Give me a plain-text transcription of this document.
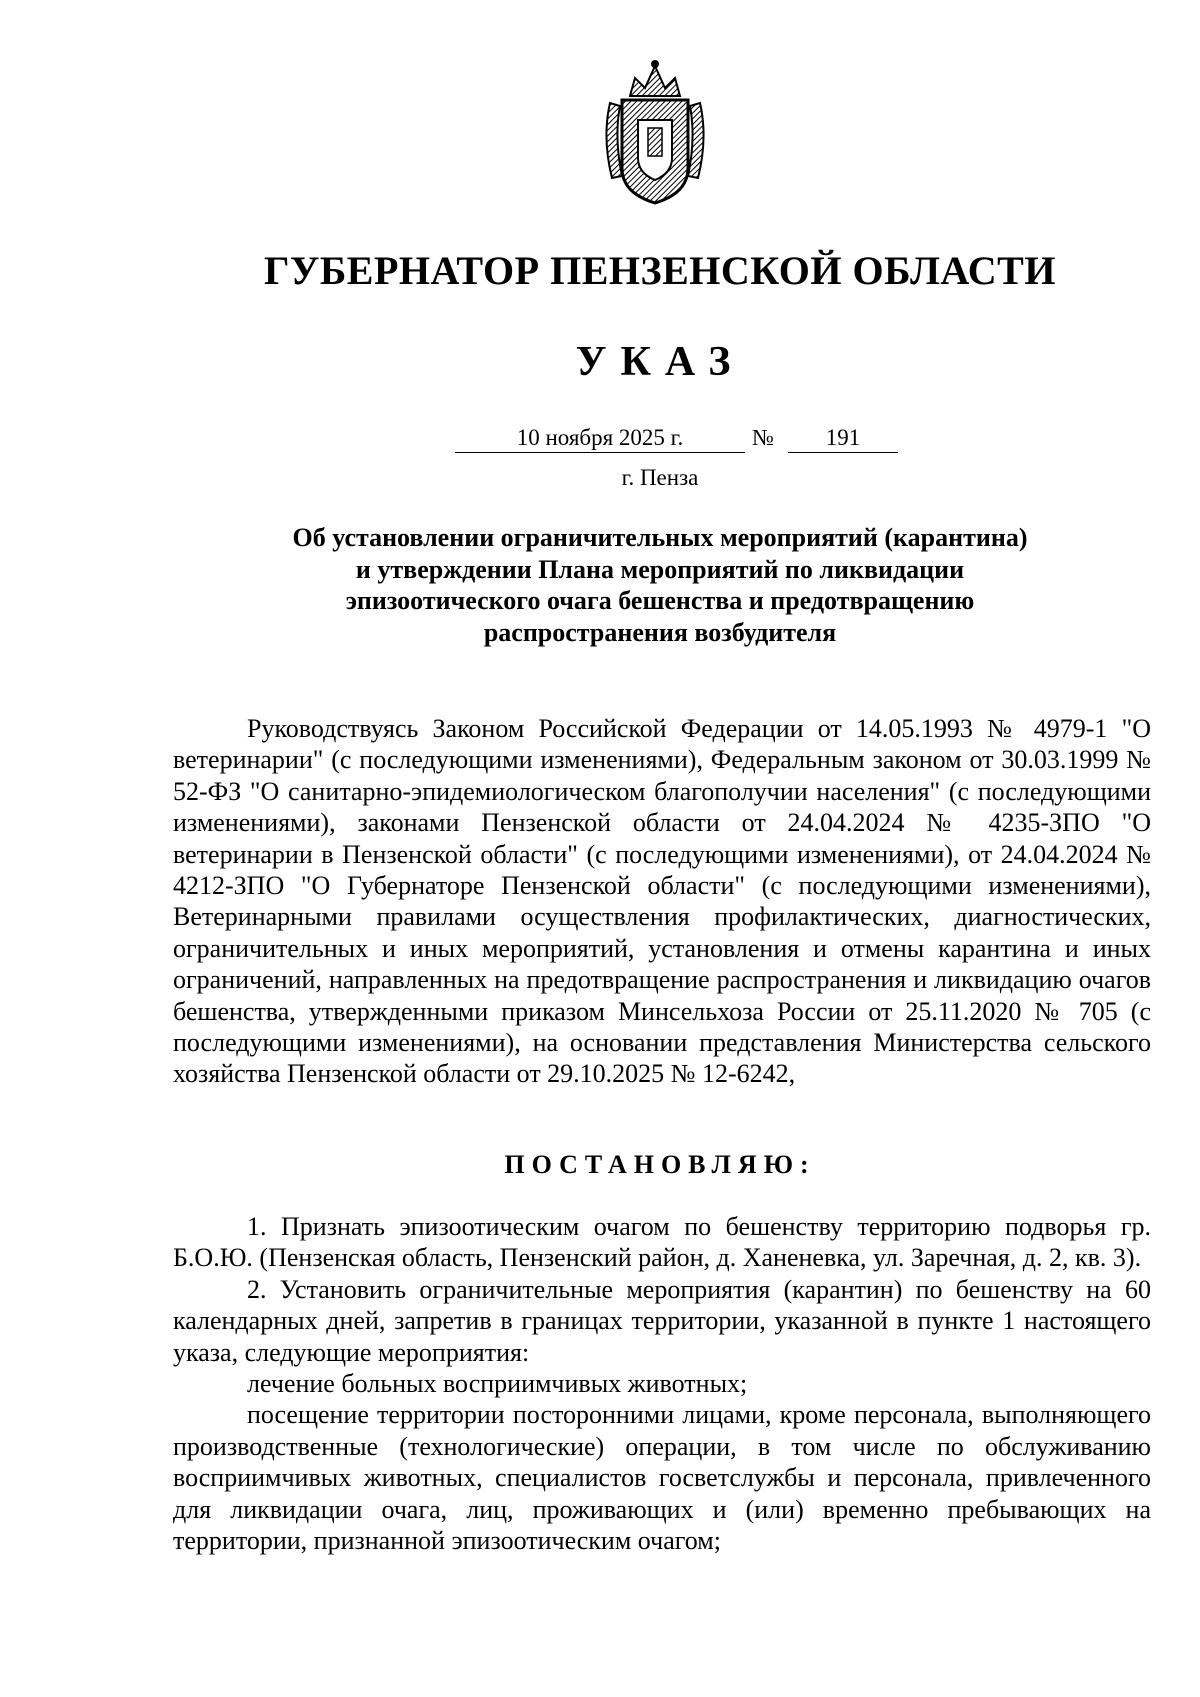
ГУБЕРНАТОР ПЕНЗЕНСКОЙ ОБЛАСТИ
УКАЗ
10 ноября 2025 г.	№	191
г. Пенза
Об установлении ограничительных мероприятий (карантина)
и утверждении Плана мероприятий по ликвидации
эпизоотического очага бешенства и предотвращению
распространения возбудителя
Руководствуясь Законом Российской Федерации от 14.05.1993 № 4979-1 "О ветеринарии" (с последующими изменениями), Федеральным законом от 30.03.1999 № 52-ФЗ "О санитарно-эпидемиологическом благополучии населения" (с последующими изменениями), законами Пензенской области от 24.04.2024 № 4235-ЗПО "О ветеринарии в Пензенской области" (с последующими изменениями), от 24.04.2024 № 4212-ЗПО "О Губернаторе Пензенской области" (с последующими изменениями), Ветеринарными правилами осуществления профилактических, диагностических, ограничительных и иных мероприятий, установления и отмены карантина и иных ограничений, направленных на предотвращение распространения и ликвидацию очагов бешенства, утвержденными приказом Минсельхоза России от 25.11.2020 № 705 (с последующими изменениями), на основании представления Министерства сельского хозяйства Пензенской области от 29.10.2025 № 12-6242,
ПОСТАНОВЛЯЮ:

1. Признать эпизоотическим очагом по бешенству территорию подворья гр. Б.О.Ю. (Пензенская область, Пензенский район, д. Ханеневка, ул. Заречная, д. 2, кв. 3).

2. Установить ограничительные мероприятия (карантин) по бешенству на 60 календарных дней, запретив в границах территории, указанной в пункте 1 настоящего указа, следующие мероприятия:

лечение больных восприимчивых животных;

посещение территории посторонними лицами, кроме персонала, выполняющего производственные (технологические) операции, в том числе по обслуживанию восприимчивых животных, специалистов госветслужбы и персонала, привлеченного для ликвидации очага, лиц, проживающих и (или) временно пребывающих на территории, признанной эпизоотическим очагом;
